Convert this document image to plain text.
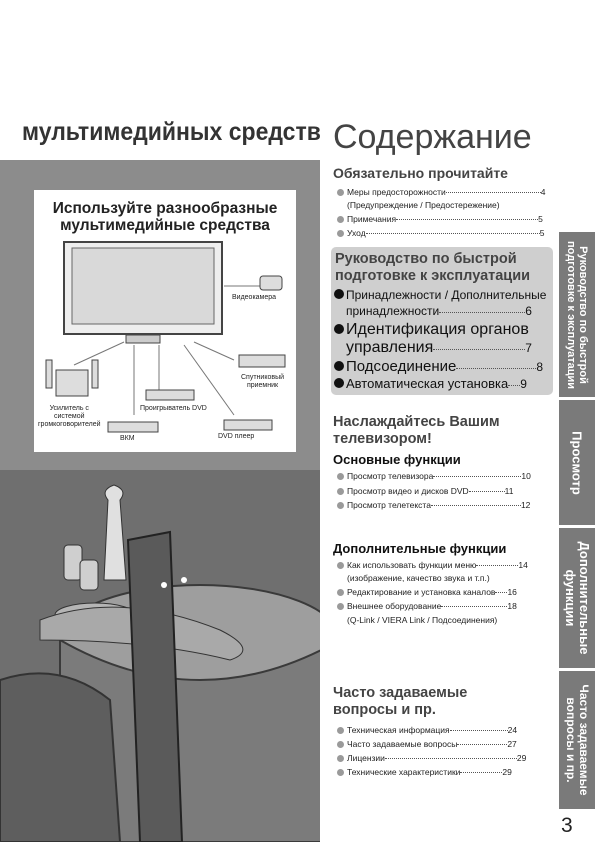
мультимедийных средств
Используйте разнообразные
мультимедийные средства
Видеокамера
Спутниковый
приемник
Усилитель с
системой
громкоговорителей
Проигрыватель DVD
ВКМ	DVD плеер
Содержание
Обязательно прочитайте
Меры предосторожности	4
(Предупреждение / Предостережение)
Примечания	5
Уход	5
Руководство по быстрой
подготовке к эксплуатации
Принадлежности / Дополнительные
принадлежности	6
Идентификация органов
управления	7
Подсоединение	8
Автоматическая установка 9
Наслаждайтесь Вашим
телевизором!
Основные функции
Просмотр телевизора	10
Просмотр видео и дисков DVD	11
Просмотр телетекста	12
Дополнительные функции
Как использовать функции меню	14
(изображение, качество звука и т.п.)
Редактирование и установка каналов 16
Внешнее оборудование	18
(Q-Link / VIERA Link / Подсоединения)
Часто задаваемые
вопросы и пр.
Техническая информация	24
Часто задаваемые вопросы	27
Лицензии	29
Технические характеристики	29
Руководство по быстрой
подготовке к эксплуатации
Просмотр
Дополнительные
функции
Часто задаваемые
вопросы и пр.
3
